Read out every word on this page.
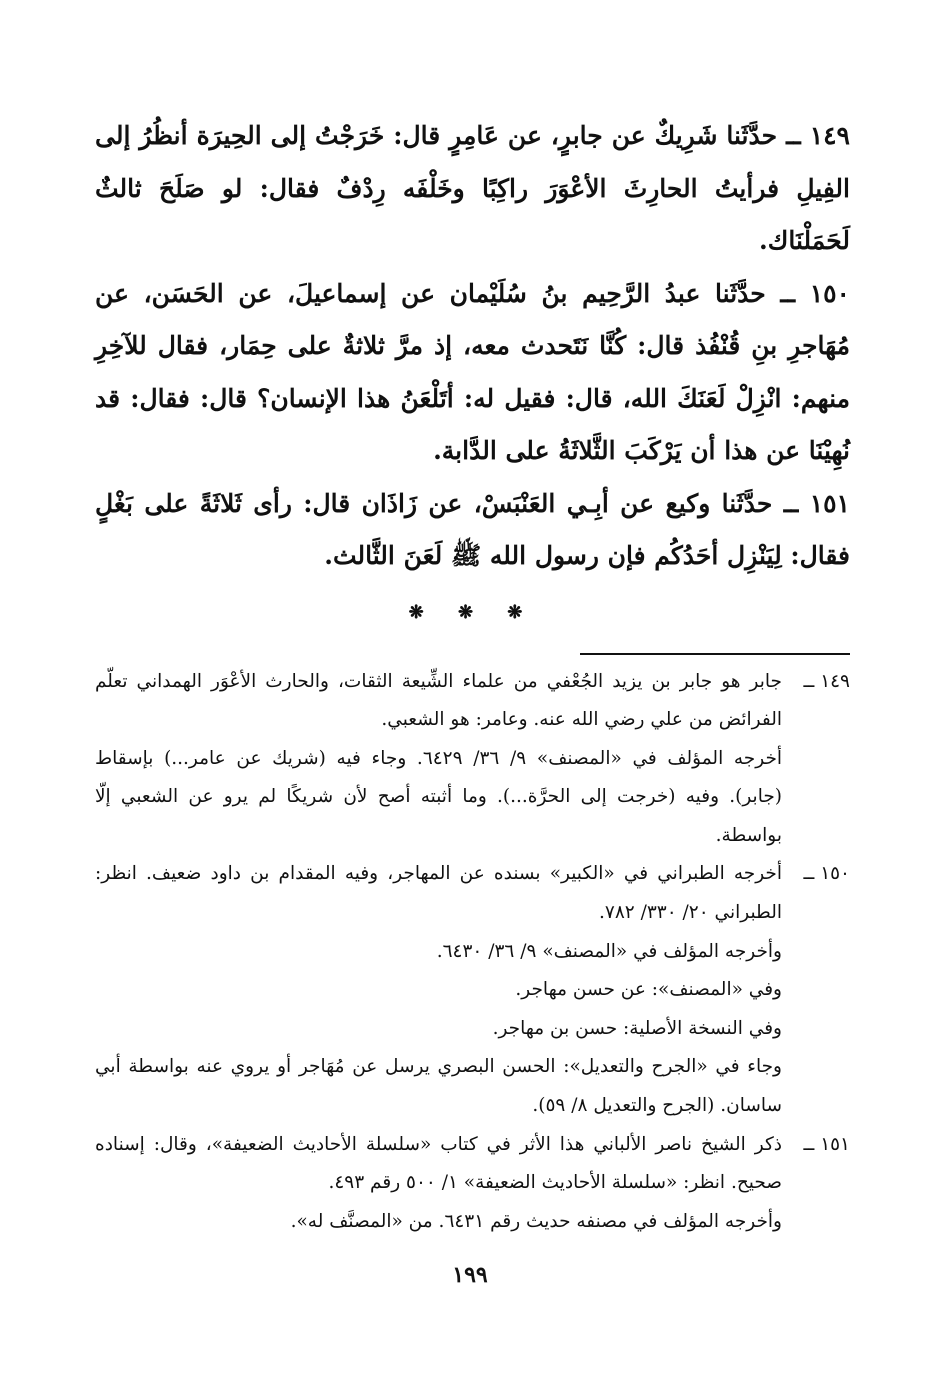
١٤٩ ــ حدَّثَنا شَرِيكٌ عن جابرٍ، عن عَامِرٍ قال: خَرَجْتُ إلى الحِيرَة أنظُرُ إلى الفِيلِ فرأيتُ الحارِثَ الأعْوَرَ راكِبًا وخَلْفَه رِدْفٌ فقال: لو صَلَحَ ثالثٌ لَحَمَلْنَاك.

١٥٠ ــ حدَّثَنا عبدُ الرَّحِيم بنُ سُلَيْمان عن إسماعيلَ، عن الحَسَن، عن مُهَاجرِ بنِ قُنْفُذ قال: كُنَّا نَتَحدث معه، إذ مرَّ ثلاثةٌ على حِمَار، فقال للآخِرِ منهم: انْزِلْ لَعَنَكَ الله، قال: فقيل له: أتَلْعَنُ هذا الإنسان؟ قال: فقال: قد نُهِيْنَا عن هذا أن يَرْكَبَ الثَّلاثَةُ على الدَّابة.

١٥١ ــ حدَّثَنا وكيع عن أبِـي العَنْبَسْ، عن زَاذَان قال: رأى ثَلاثَةً على بَغْلٍ فقال: لِيَنْزِل أحَدُكُم فإن رسول الله ﷺ لَعَنَ الثَّالث.

❋ ❋ ❋
١٤٩ ــ

جابر هو جابر بن يزيد الجُعْفي من علماء الشِّيعة الثقات، والحارث الأعْوَر الهمداني تعلّم الفرائض من علي رضي الله عنه. وعامر: هو الشعبي.

أخرجه المؤلف في «المصنف» ٩/ ٣٦/ ٦٤٢٩. وجاء فيه (شريك عن عامر...) بإسقاط (جابر). وفيه (خرجت إلى الحرَّة...). وما أثبته أصح لأن شريكًا لم يرو عن الشعبي إلّا بواسطة.

١٥٠ ــ

أخرجه الطبراني في «الكبير» بسنده عن المهاجر، وفيه المقدام بن داود ضعيف. انظر: الطبراني ٢٠/ ٣٣٠/ ٧٨٢.

وأخرجه المؤلف في «المصنف» ٩/ ٣٦/ ٦٤٣٠.

وفي «المصنف»: عن حسن مهاجر.

وفي النسخة الأصلية: حسن بن مهاجر.

وجاء في «الجرح والتعديل»: الحسن البصري يرسل عن مُهَاجر أو يروي عنه بواسطة أبي ساسان. (الجرح والتعديل ٨/ ٥٩).

١٥١ ــ

ذكر الشيخ ناصر الألباني هذا الأثر في كتاب «سلسلة الأحاديث الضعيفة»، وقال: إسناده صحيح. انظر: «سلسلة الأحاديث الضعيفة» ١/ ٥٠٠ رقم ٤٩٣.

وأخرجه المؤلف في مصنفه حديث رقم ٦٤٣١. من «المصنَّف له».

١٩٩
